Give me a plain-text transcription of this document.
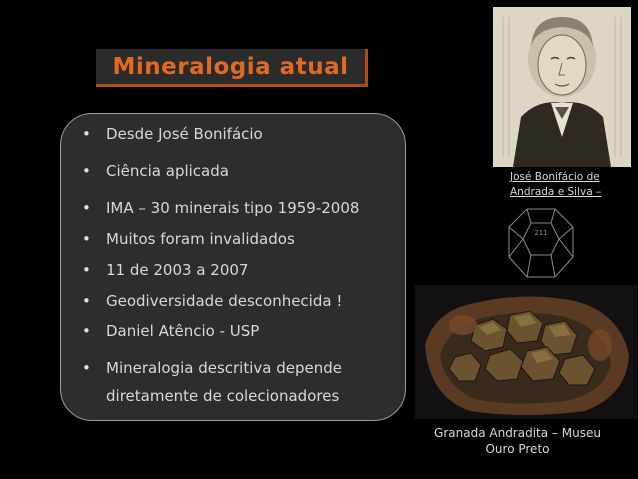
Mineralogia atual
• Desde José Bonifácio
• Ciência aplicada
• IMA – 30 minerais tipo 1959-2008
• Muitos foram invalidados
• 11 de 2003 a 2007
• Geodiversidade desconhecida !
• Daniel Atêncio - USP
• Mineralogia descritiva depende
diretamente de colecionadores
José Bonifácio de
Andrada e Silva –
211
Granada Andradita – Museu
Ouro Preto
